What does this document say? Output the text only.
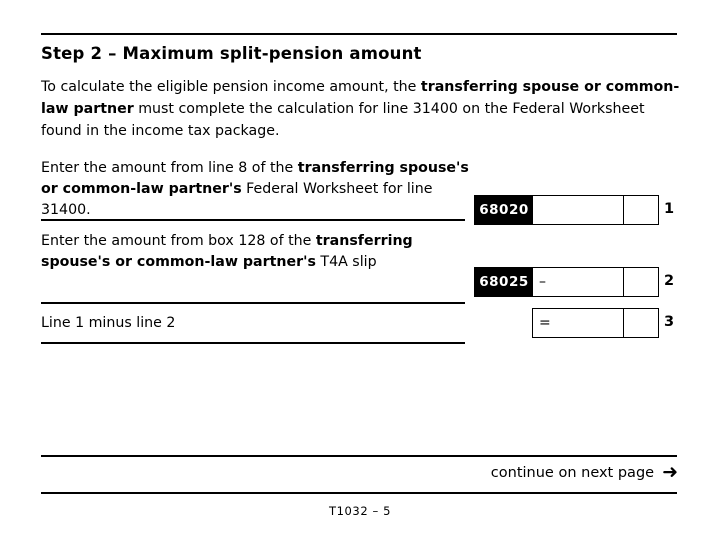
Step 2 – Maximum split-pension amount
To calculate the eligible pension income amount, the transferring spouse or common-law partner must complete the calculation for line 31400 on the Federal Worksheet found in the income tax package.
Enter the amount from line 8 of the transferring spouse's or common-law partner's Federal Worksheet for line 31400.	68020	1
Enter the amount from box 128 of the transferring spouse's or common-law partner's T4A slip
68025 –	2
Line 1 minus line 2	=	3
continue on next page ➜
T1032 – 5
